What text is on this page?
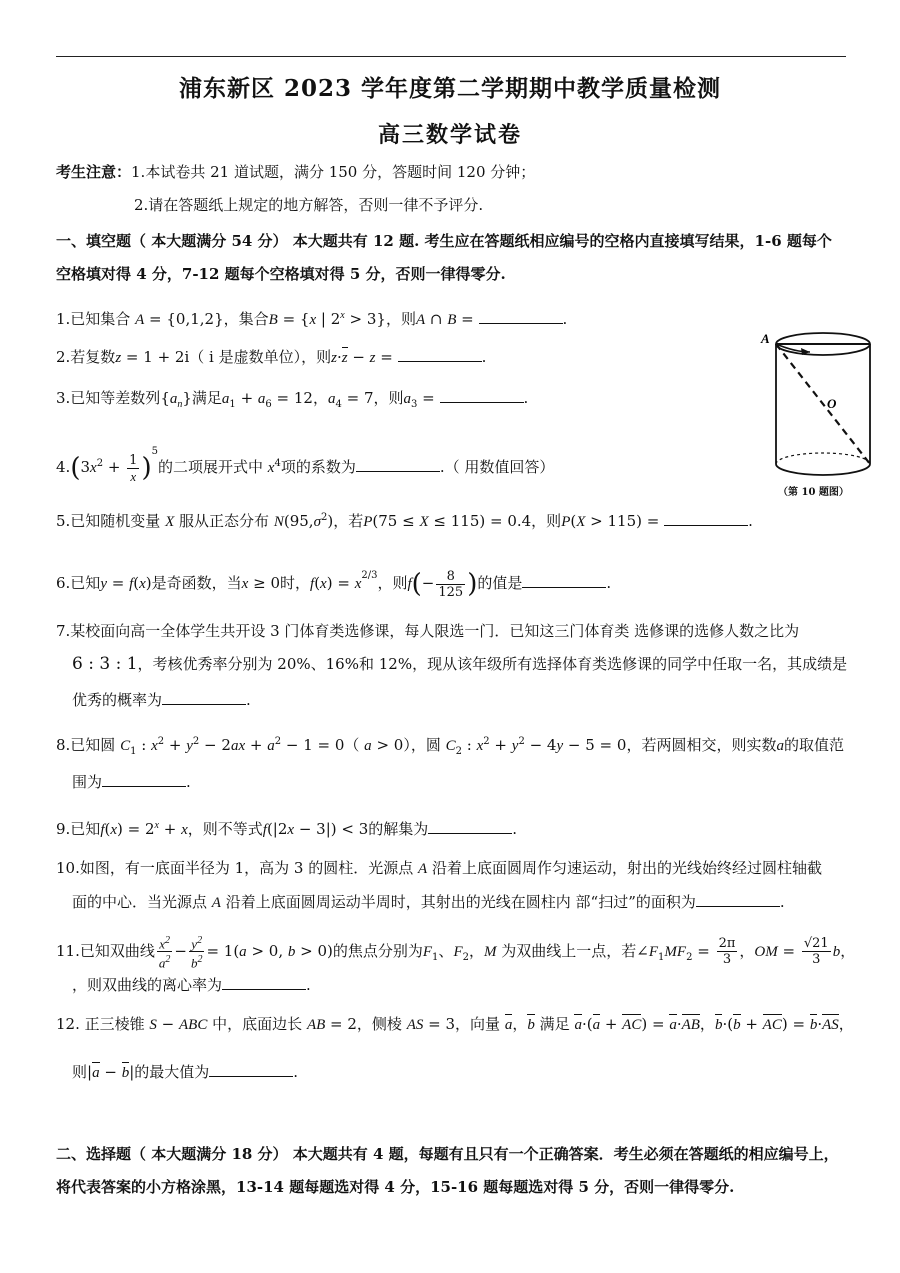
浦东新区 2023 学年度第二学期期中教学质量检测
高三数学试卷
考生注意：1.本试卷共 21 道试题，满分 150 分，答题时间 120 分钟；
2.请在答题纸上规定的地方解答，否则一律不予评分.
一、填空题（ 本大题满分 54 分） 本大题共有 12 题. 考生应在答题纸相应编号的空格内直接填写结果，1-6 题每个
空格填对得 4 分，7-12 题每个空格填对得 5 分，否则一律得零分.
1.已知集合 A = {0,1,2}，集合B = {x | $2^x > 3$}，则A ∩ B =	.
2.若复数z = 1 + 2i（ i 是虚数单位），则z·z − z =	.
3.已知等差数列$\{a_n\}$满足$a_1 + a_6 = 12$，$a_4 = 7$，则$a_3$ =	.
$4.(3x^2 + \frac{1}{x} )^5$的二项展开式中 $x^4$项的系数为	.（ 用数值回答）
5.已知随机变量 X 服从正态分布 $N(95,\sigma^2)$，若P(75 ≤ X ≤ 115) = 0.4，则P(X > 115) =	.
6.已知y = f(x)是奇函数，当x ≥ 0时，$f(x) = x^{2/3}$，则$f(- \frac{8}{125}$ )的值是	.
7.某校面向高一全体学生共开设 3 门体育类选修课，每人限选一门．已知这三门体育类 选修课的选修人数之比为
6 : 3 : 1，考核优秀率分别为 20%、16%和 12%，现从该年级所有选择体育类选修课的同学中任取一名，其成绩是
优秀的概率为	.
8.已知圆 $C_1$ : $x^2 + y^2 - 2ax + a^2 - 1 = 0$（ a > 0），圆 $C_2$ : $x^2 + y^2 - 4y - 5 = 0$，若两圆相交，则实数a的取值范
围为	.
9.已知$f(x) = 2^x + x$，则不等式f(|2x − 3|) < 3的解集为	.
10.如图，有一底面半径为 1，高为 3 的圆柱．光源点 A 沿着上底面圆周作匀速运动，射出的光线始终经过圆柱轴截
面的中心．当光源点 A 沿着上底面圆周运动半周时，其射出的光线在圆柱内 部“扫过”的面积为	.
11.已知双曲线 $\frac{x^2}{a^2} - \frac{y^2}{b^2} = 1(a > 0$, b > 0)的焦点分别为$F_1$、$F_2$，M 为双曲线上一点，若$\angle F_1MF_2 = \frac{2\pi}{3}$ ，OM = $\frac{√21}{3}$ b，
，则双曲线的离心率为	.
12. 正三棱锥 S − ABC 中，底面边长 AB = 2，侧棱 AS = 3，向量 a，b 满足 a·(a + AC) = a·AB，b·(b + AC) = b·AS，
则|a − b|的最大值为	.
二、选择题（ 本大题满分 18 分） 本大题共有 4 题，每题有且只有一个正确答案．考生必须在答题纸的相应编号上，
将代表答案的小方格涂黑，13-14 题每题选对得 4 分，15-16 题每题选对得 5 分，否则一律得零分.
A
O
（第 10 题图）
